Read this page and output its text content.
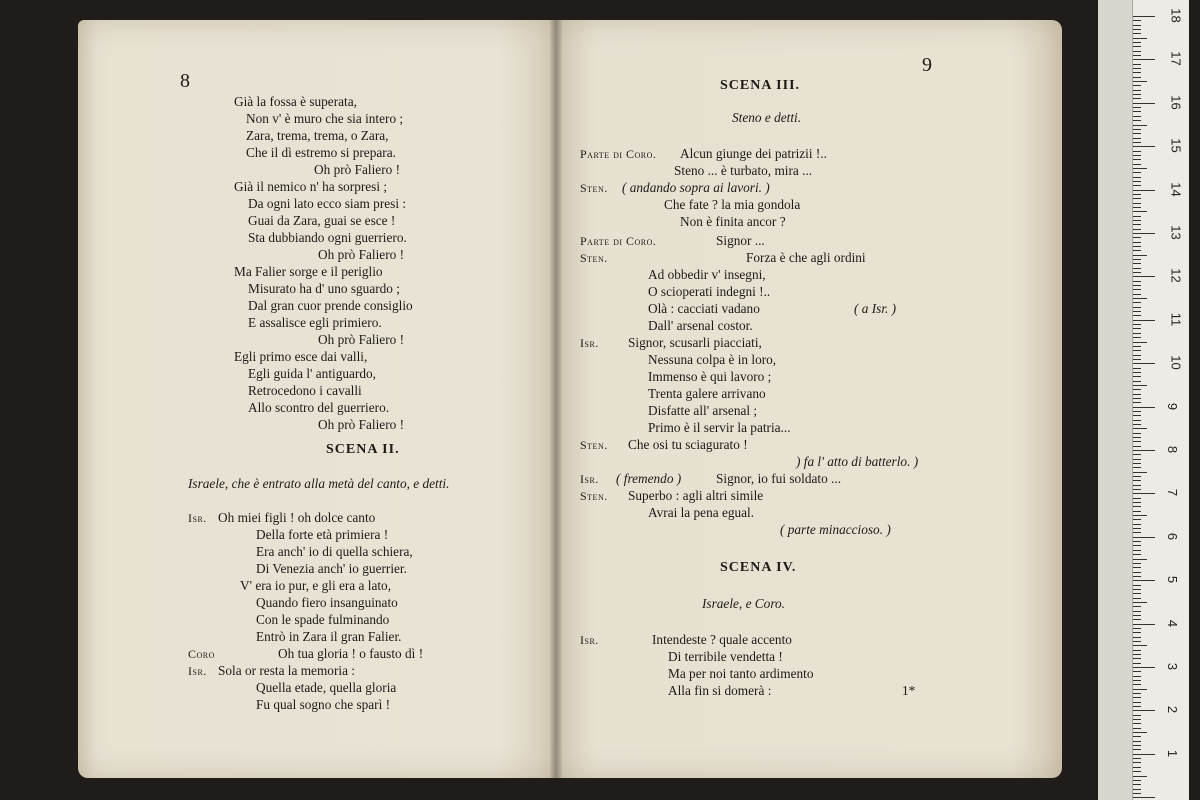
8
Già la fossa è superata,
Non v' è muro che sia intero ;
Zara, trema, trema, o Zara,
Che il dì estremo si prepara.
Oh prò Faliero !
Già il nemico n' ha sorpresi ;
Da ogni lato ecco siam presi :
Guai da Zara, guai se esce !
Sta dubbiando ogni guerriero.
Oh prò Faliero !
Ma Falier sorge e il periglio
Misurato ha d' uno sguardo ;
Dal gran cuor prende consiglio
E assalisce egli primiero.
Oh prò Faliero !
Egli primo esce dai valli,
Egli guida l' antiguardo,
Retrocedono i cavalli
Allo scontro del guerriero.
Oh prò Faliero !
SCENA II.
Israele, che è entrato alla metà del canto, e detti.
Isr. Oh miei figli ! oh dolce canto
Della forte età primiera !
Era anch' io di quella schiera,
Di Venezia anch' io guerrier.
V' era io pur, e gli era a lato,
Quando fiero insanguinato
Con le spade fulminando
Entrò in Zara il gran Falier.
Coro	Oh tua gloria ! o fausto dì !
Isr. Sola or resta la memoria :
Quella etade, quella gloria
Fu qual sogno che sparì !
9
SCENA III.
Steno e detti.
Parte di Coro. Alcun giunge dei patrizii !..
Steno ... è turbato, mira ...
Sten. ( andando sopra ai lavori. )
Che fate ? la mia gondola
Non è finita ancor ?
Parte di Coro.	Signor ...
Sten.	Forza è che agli ordini
Ad obbedir v' insegni,
O scioperati indegni !..
Olà : cacciati vadano	( a Isr. )
Dall' arsenal costor.
Isr. Signor, scusarli piacciati,
Nessuna colpa è in loro,
Immenso è qui lavoro ;
Trenta galere arrivano
Disfatte all' arsenal ;
Primo è il servir la patria...
Sten. Che osi tu sciagurato !
) fa l' atto di batterlo. )
Isr. ( fremendo )	Signor, io fui soldato ...
Sten. Superbo : agli altri simile
Avrai la pena egual.
( parte minaccioso. )
SCENA IV.
Israele, e Coro.
Isr.	Intendeste ? quale accento
Di terribile vendetta !
Ma per noi tanto ardimento
Alla fin si domerà :	1*
18
17
16
15
14
13
12
11
10
9
8
7
6
5
4
3
2
1
